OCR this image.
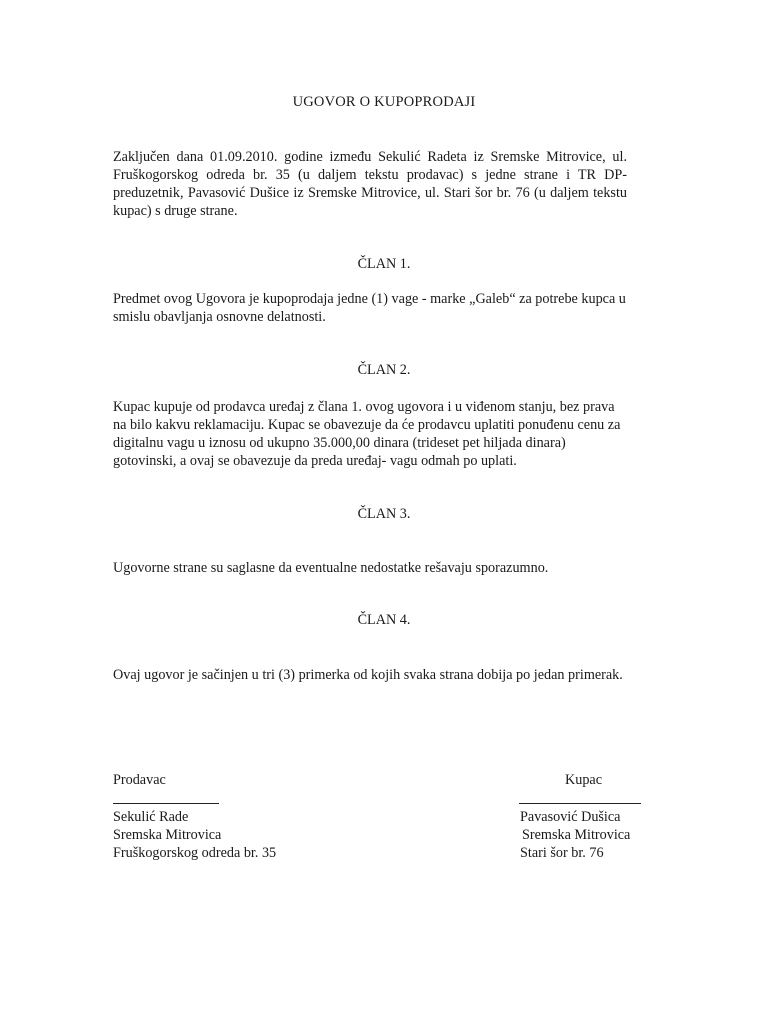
UGOVOR O KUPOPRODAJI
Zaključen dana 01.09.2010. godine između Sekulić Radeta iz Sremske Mitrovice, ul. Fruškogorskog odreda br. 35 (u daljem tekstu prodavac) s jedne strane i TR DP-preduzetnik, Pavasović Dušice iz Sremske Mitrovice, ul. Stari šor br. 76 (u daljem tekstu kupac) s druge strane.
ČLAN 1.
Predmet ovog Ugovora je kupoprodaja jedne (1) vage - marke „Galeb“ za potrebe kupca u smislu obavljanja osnovne delatnosti.
ČLAN 2.
Kupac kupuje od prodavca uređaj z člana 1. ovog ugovora i u viđenom stanju, bez prava na bilo kakvu reklamaciju. Kupac se obavezuje da će prodavcu uplatiti ponuđenu cenu za digitalnu vagu u iznosu od ukupno 35.000,00 dinara (trideset pet hiljada dinara) gotovinski, a ovaj se obavezuje da preda uređaj- vagu odmah po uplati.
ČLAN 3.
Ugovorne strane su saglasne da eventualne nedostatke rešavaju sporazumno.
ČLAN 4.
Ovaj ugovor je sačinjen u tri (3) primerka od kojih svaka strana dobija po jedan primerak.
Prodavac
Sekulić Rade
Sremska Mitrovica
Fruškogorskog odreda br. 35
Kupac
Pavasović Dušica
Sremska Mitrovica
Stari šor br. 76
